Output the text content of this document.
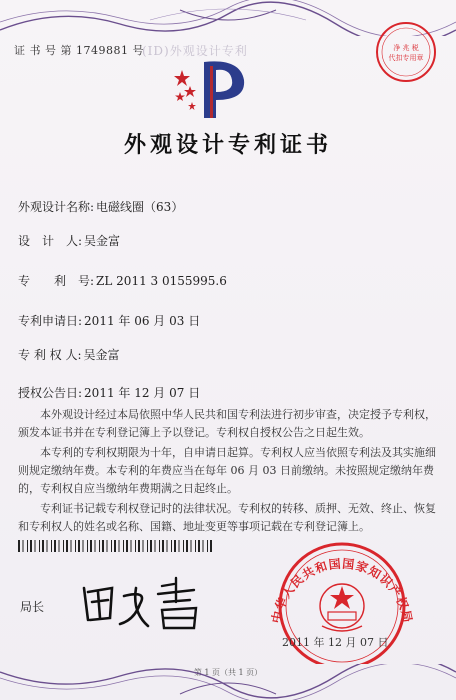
证 书 号 第 1749881 号
(ID)外观设计专利	净 兆 税
代扣专用章
外观设计专利证书
外观设计名称: 电磁线圈（63）
设　计　人: 吴金富
专　　利　号: ZL 2011 3 0155995.6
专利申请日: 2011 年 06 月 03 日
专 利 权 人: 吴金富
授权公告日: 2011 年 12 月 07 日

本外观设计经过本局依照中华人民共和国专利法进行初步审查，决定授予专利权，颁发本证书并在专利登记簿上予以登记。专利权自授权公告之日起生效。

本专利的专利权期限为十年，自申请日起算。专利权人应当依照专利法及其实施细则规定缴纳年费。本专利的年费应当在每年 06 月 03 日前缴纳。未按照规定缴纳年费的，专利权自应当缴纳年费期满之日起终止。

专利证书记载专利权登记时的法律状况。专利权的转移、质押、无效、终止、恢复和专利权人的姓名或名称、国籍、地址变更等事项记载在专利登记簿上。

局长
中华人民共和国国家知识产权局
2011 年 12 月 07 日
第 1 页（共 1 页）
